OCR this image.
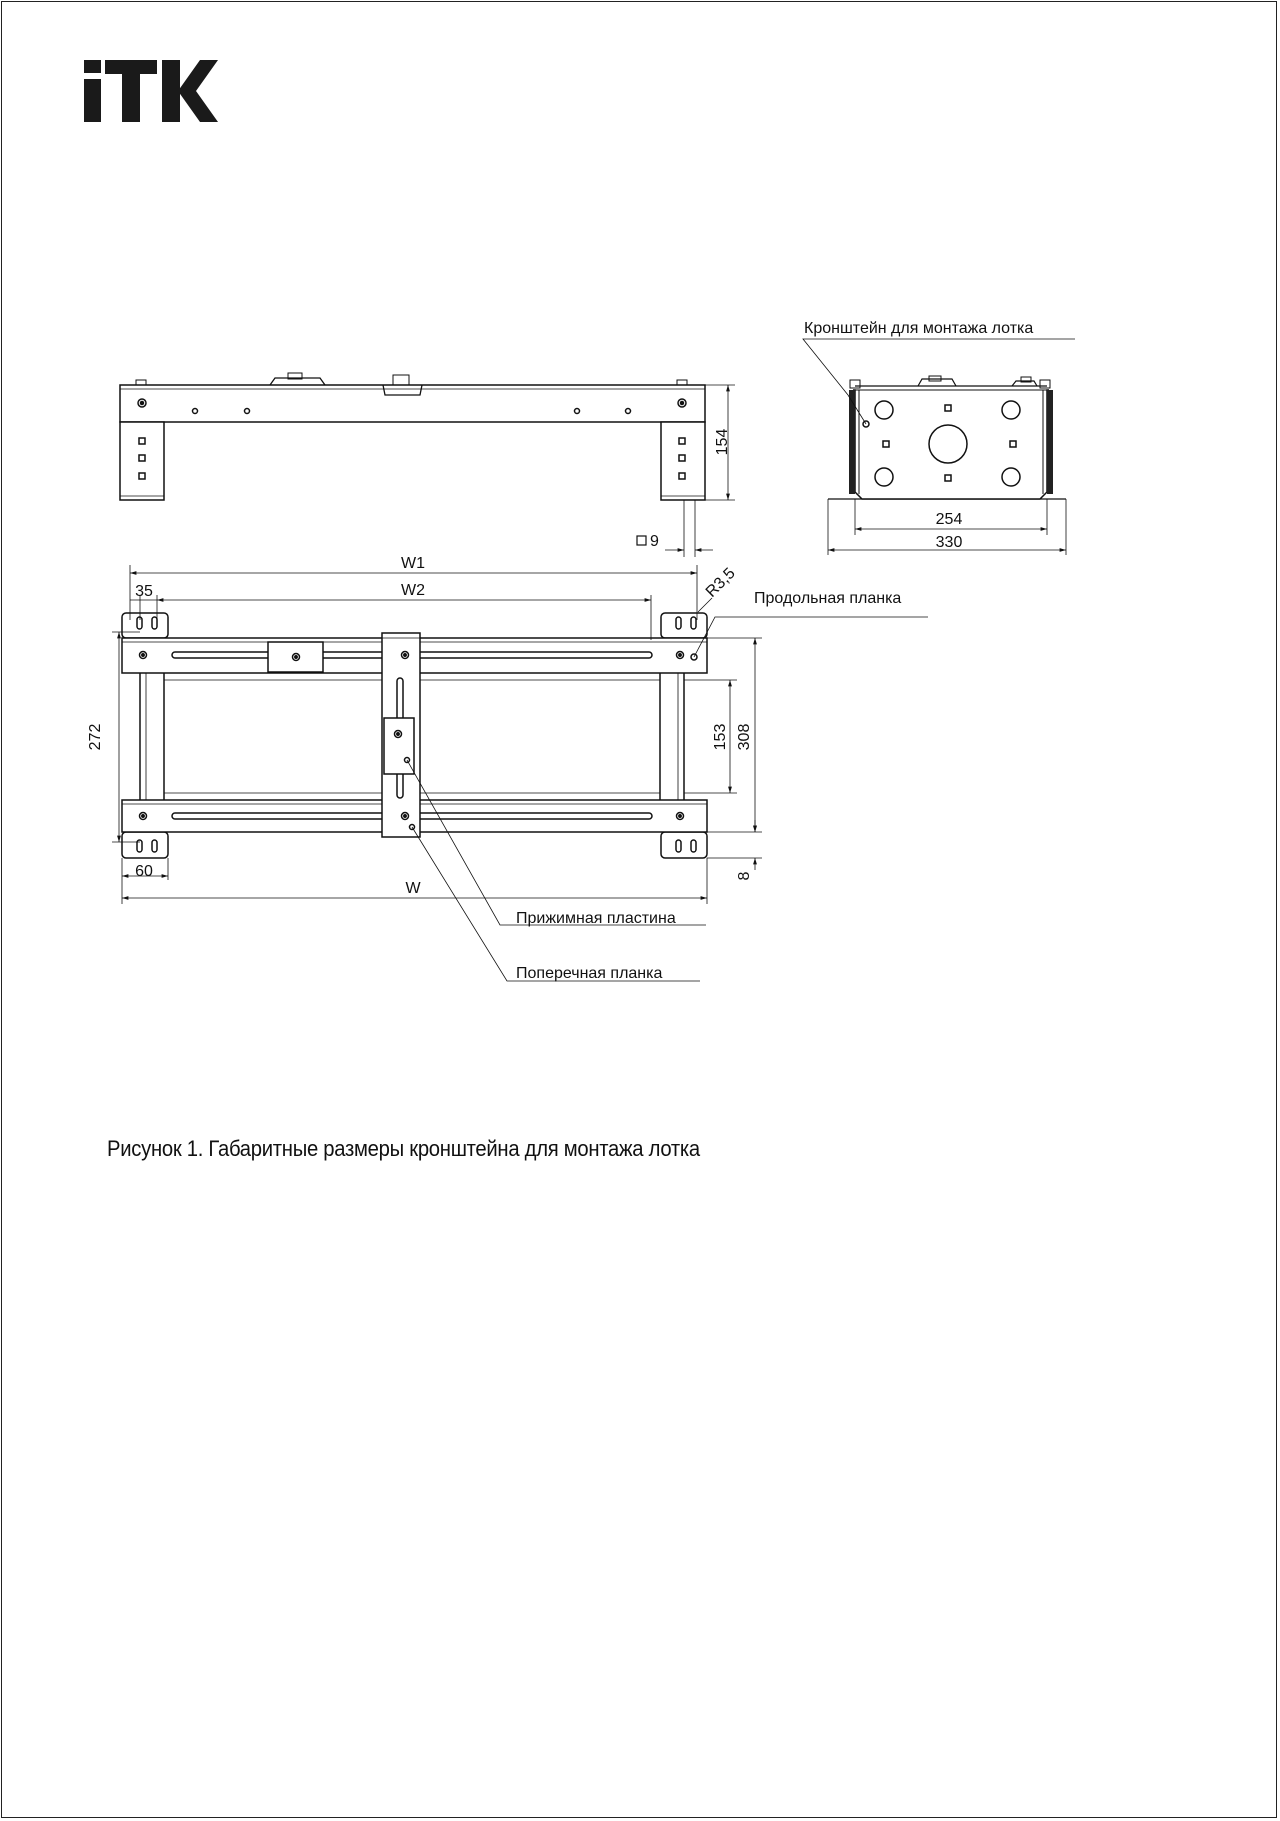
154
9
254
330
Кронштейн для монтажа лотка
W1
W2
35	R3,5 Продольная планка
272	153 308
8
60
W
Прижимная пластина
Поперечная планка
Рисунок 1. Габаритные размеры кронштейна для монтажа лотка
